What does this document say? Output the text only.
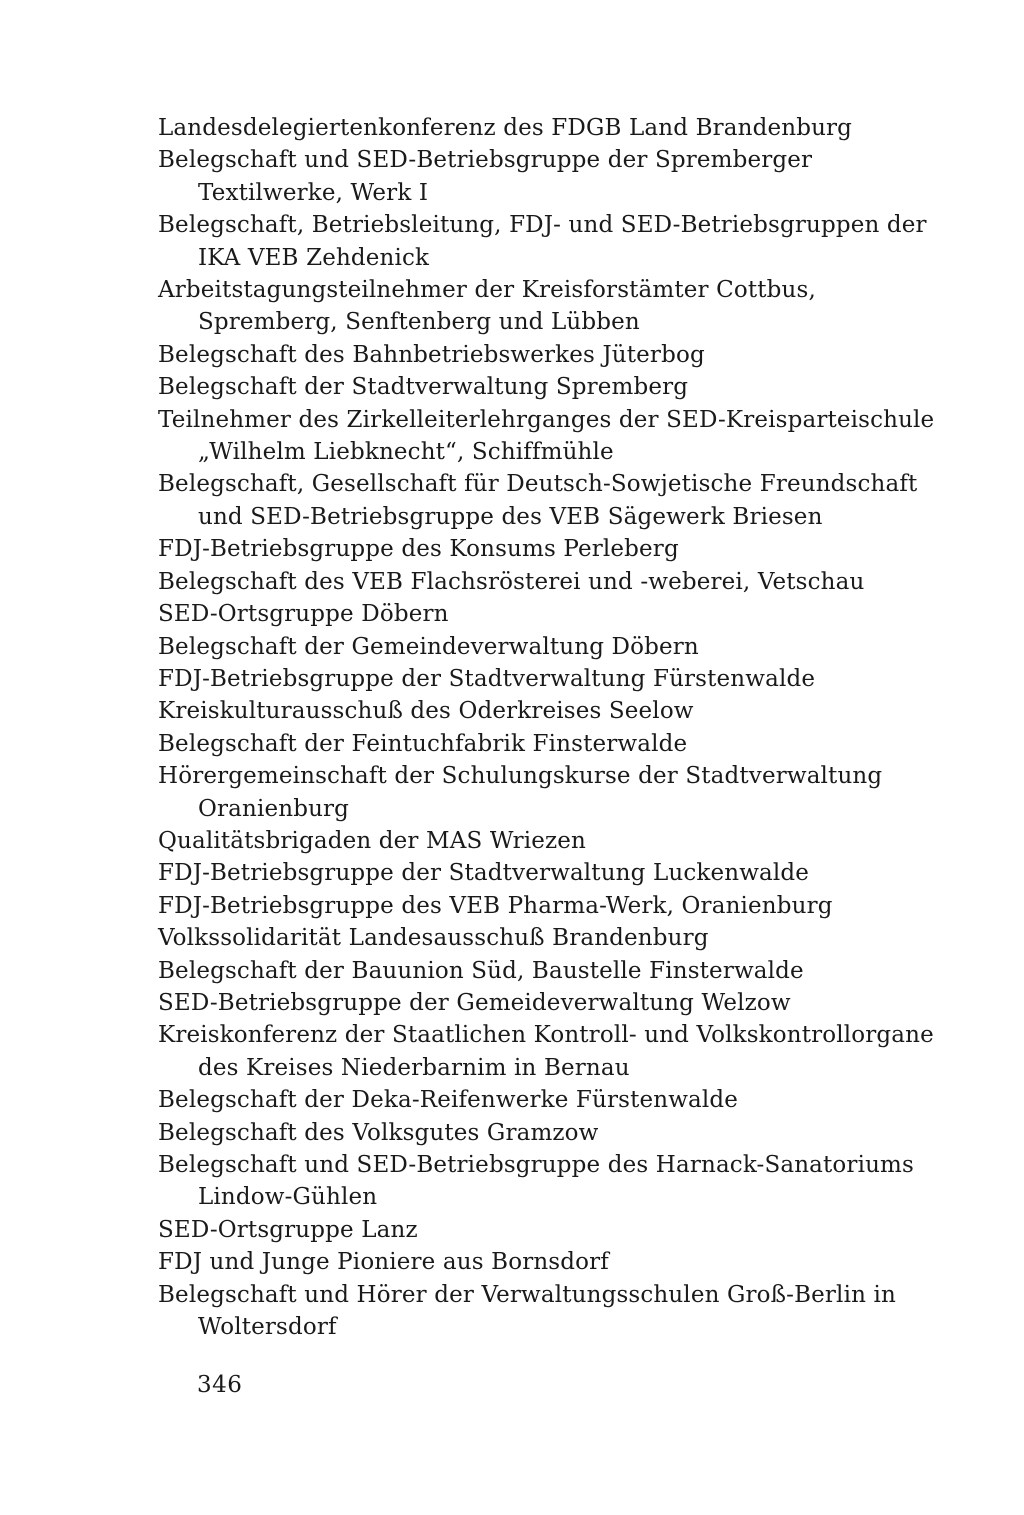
Landesdelegiertenkonferenz des FDGB Land Brandenburg
Belegschaft und SED-Betriebsgruppe der Spremberger Textilwerke, Werk I
Belegschaft, Betriebsleitung, FDJ- und SED-Betriebsgruppen der IKA VEB Zehdenick
Arbeitstagungsteilnehmer der Kreisforstämter Cottbus, Spremberg, Senftenberg und Lübben
Belegschaft des Bahnbetriebswerkes Jüterbog
Belegschaft der Stadtverwaltung Spremberg
Teilnehmer des Zirkelleiterlehrganges der SED-Kreisparteischule „Wilhelm Liebknecht“, Schiffmühle
Belegschaft, Gesellschaft für Deutsch-Sowjetische Freundschaft und SED-Betriebsgruppe des VEB Sägewerk Briesen
FDJ-Betriebsgruppe des Konsums Perleberg
Belegschaft des VEB Flachsrösterei und -weberei, Vetschau
SED-Ortsgruppe Döbern
Belegschaft der Gemeindeverwaltung Döbern
FDJ-Betriebsgruppe der Stadtverwaltung Fürstenwalde
Kreiskulturausschuß des Oderkreises Seelow
Belegschaft der Feintuchfabrik Finsterwalde
Hörergemeinschaft der Schulungskurse der Stadtverwaltung Oranienburg
Qualitätsbrigaden der MAS Wriezen
FDJ-Betriebsgruppe der Stadtverwaltung Luckenwalde
FDJ-Betriebsgruppe des VEB Pharma-Werk, Oranienburg
Volkssolidarität Landesausschuß Brandenburg
Belegschaft der Bauunion Süd, Baustelle Finsterwalde
SED-Betriebsgruppe der Gemeideverwaltung Welzow
Kreiskonferenz der Staatlichen Kontroll- und Volkskontrollorgane des Kreises Niederbarnim in Bernau
Belegschaft der Deka-Reifenwerke Fürstenwalde
Belegschaft des Volksgutes Gramzow
Belegschaft und SED-Betriebsgruppe des Harnack-Sanatoriums Lindow-Gühlen
SED-Ortsgruppe Lanz
FDJ und Junge Pioniere aus Bornsdorf
Belegschaft und Hörer der Verwaltungsschulen Groß-Berlin in Woltersdorf
346
